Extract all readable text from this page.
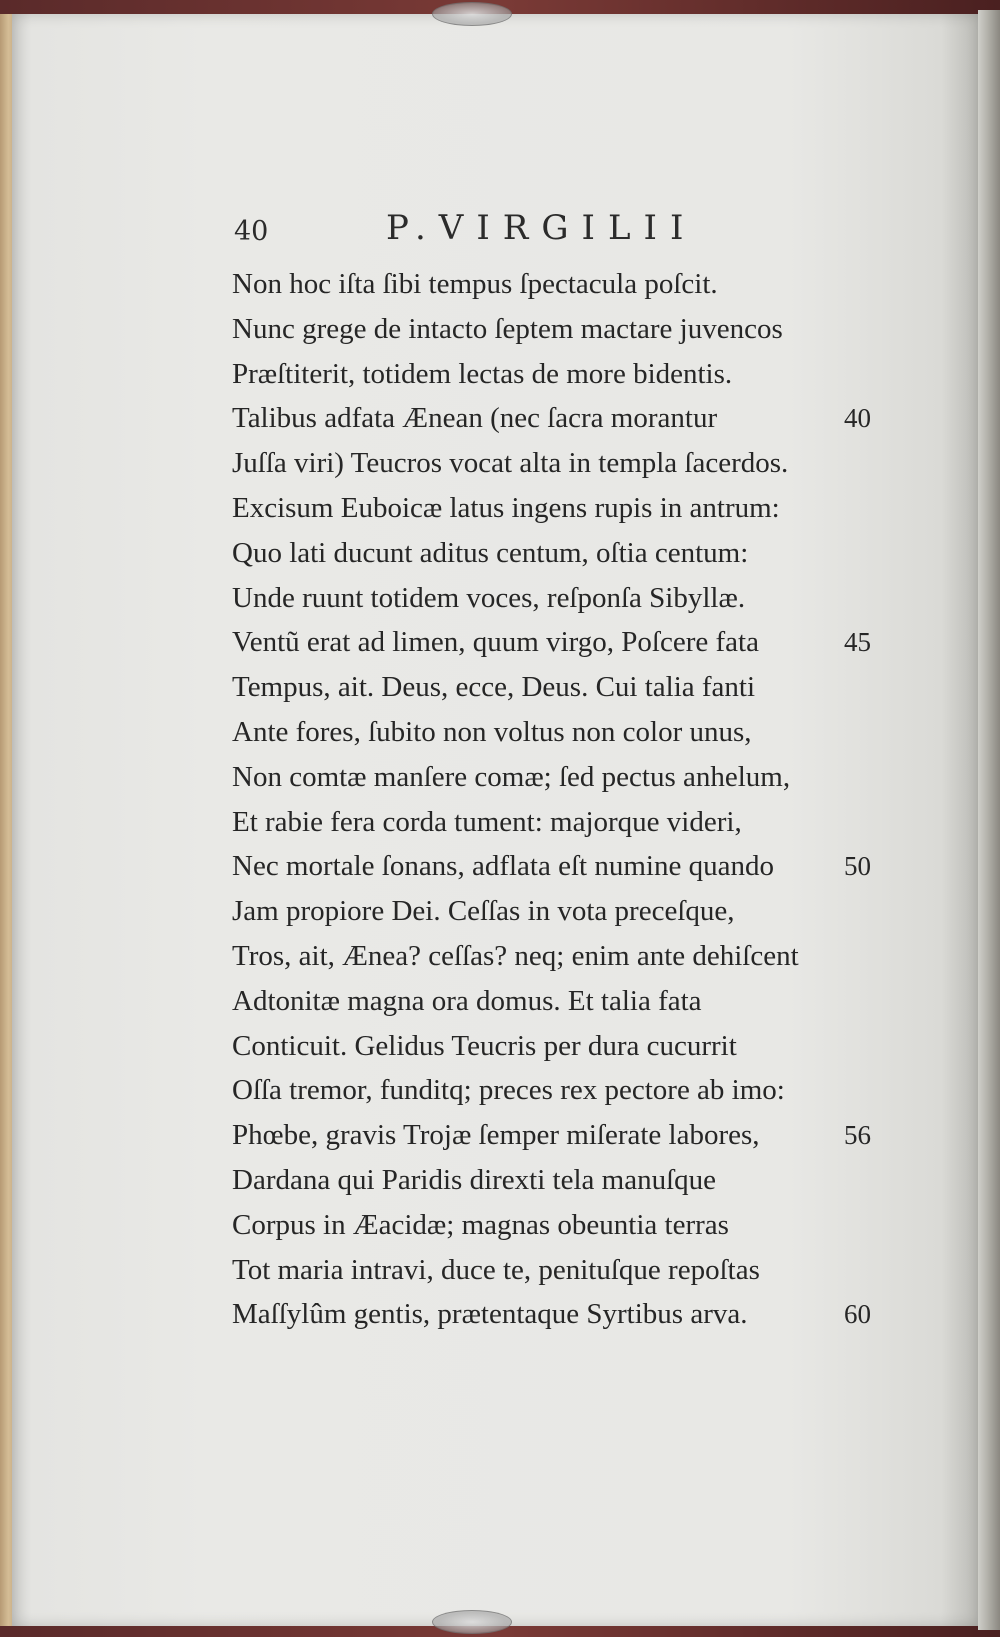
40	P.VIRGILII
Non hoc iſta ſibi tempus ſpectacula poſcit.
Nunc grege de intacto ſeptem mactare juvencos
Præſtiterit, totidem lectas de more bidentis.
Talibus adfata Ænean (nec ſacra morantur	40
Juſſa viri) Teucros vocat alta in templa ſacerdos.
Excisum Euboicæ latus ingens rupis in antrum:
Quo lati ducunt aditus centum, oſtia centum:
Unde ruunt totidem voces, reſponſa Sibyllæ.
Ventũ erat ad limen, quum virgo, Poſcere fata	45
Tempus, ait. Deus, ecce, Deus. Cui talia fanti
Ante fores, ſubito non voltus non color unus,
Non comtæ manſere comæ; ſed pectus anhelum,
Et rabie fera corda tument: majorque videri,
Nec mortale ſonans, adflata eſt numine quando	50
Jam propiore Dei. Ceſſas in vota preceſque,
Tros, ait, Ænea? ceſſas? neq; enim ante dehiſcent
Adtonitæ magna ora domus. Et talia fata
Conticuit. Gelidus Teucris per dura cucurrit
Oſſa tremor, funditq; preces rex pectore ab imo:
Phœbe, gravis Trojæ ſemper miſerate labores,	56
Dardana qui Paridis direxti tela manuſque
Corpus in Æacidæ; magnas obeuntia terras
Tot maria intravi, duce te, penituſque repoſtas
Maſſylûm gentis, prætentaque Syrtibus arva.	60
